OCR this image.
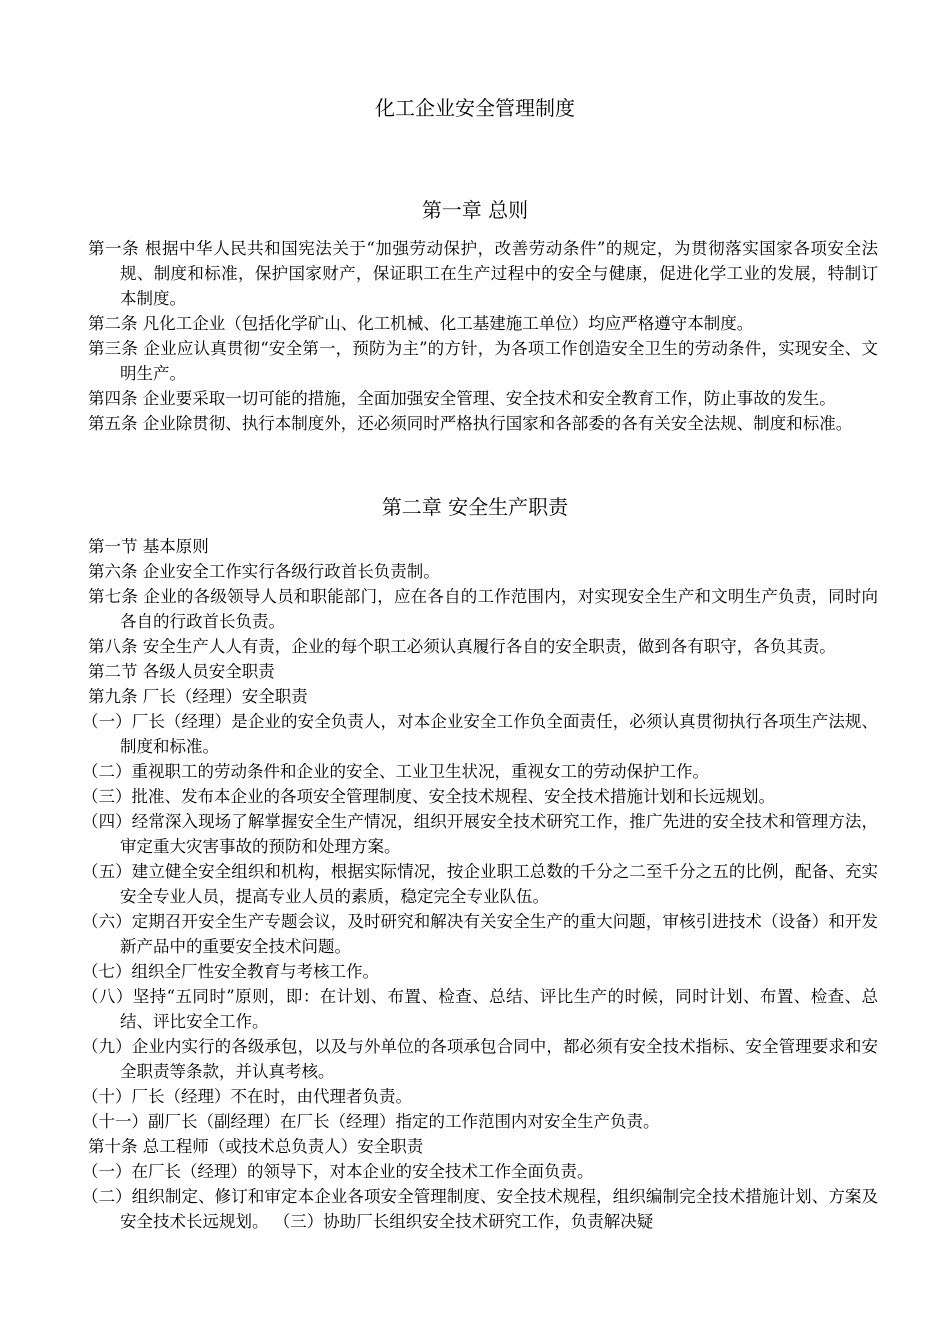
化工企业安全管理制度
第一章 总则

第一条 根据中华人民共和国宪法关于“加强劳动保护，改善劳动条件”的规定，为贯彻落实国家各项安全法规、制度和标准，保护国家财产，保证职工在生产过程中的安全与健康，促进化学工业的发展，特制订本制度。

第二条 凡化工企业（包括化学矿山、化工机械、化工基建施工单位）均应严格遵守本制度。

第三条 企业应认真贯彻“安全第一，预防为主”的方针，为各项工作创造安全卫生的劳动条件，实现安全、文明生产。

第四条 企业要采取一切可能的措施，全面加强安全管理、安全技术和安全教育工作，防止事故的发生。

第五条 企业除贯彻、执行本制度外，还必须同时严格执行国家和各部委的各有关安全法规、制度和标准。

第二章 安全生产职责

第一节 基本原则

第六条 企业安全工作实行各级行政首长负责制。

第七条 企业的各级领导人员和职能部门，应在各自的工作范围内，对实现安全生产和文明生产负责，同时向各自的行政首长负责。

第八条 安全生产人人有责，企业的每个职工必须认真履行各自的安全职责，做到各有职守，各负其责。

第二节 各级人员安全职责

第九条 厂长（经理）安全职责

（一）厂长（经理）是企业的安全负责人，对本企业安全工作负全面责任，必须认真贯彻执行各项生产法规、制度和标准。

（二）重视职工的劳动条件和企业的安全、工业卫生状况，重视女工的劳动保护工作。

（三）批准、发布本企业的各项安全管理制度、安全技术规程、安全技术措施计划和长远规划。

（四）经常深入现场了解掌握安全生产情况，组织开展安全技术研究工作，推广先进的安全技术和管理方法，审定重大灾害事故的预防和处理方案。

（五）建立健全安全组织和机构，根据实际情况，按企业职工总数的千分之二至千分之五的比例，配备、充实安全专业人员，提高专业人员的素质，稳定完全专业队伍。

（六）定期召开安全生产专题会议，及时研究和解决有关安全生产的重大问题，审核引进技术（设备）和开发新产品中的重要安全技术问题。

（七）组织全厂性安全教育与考核工作。

（八）坚持“五同时”原则，即：在计划、布置、检查、总结、评比生产的时候，同时计划、布置、检查、总结、评比安全工作。

（九）企业内实行的各级承包，以及与外单位的各项承包合同中，都必须有安全技术指标、安全管理要求和安全职责等条款，并认真考核。

（十）厂长（经理）不在时，由代理者负责。

（十一）副厂长（副经理）在厂长（经理）指定的工作范围内对安全生产负责。

第十条 总工程师（或技术总负责人）安全职责

（一）在厂长（经理）的领导下，对本企业的安全技术工作全面负责。

（二）组织制定、修订和审定本企业各项安全管理制度、安全技术规程，组织编制完全技术措施计划、方案及安全技术长远规划。 （三）协助厂长组织安全技术研究工作，负责解决疑
